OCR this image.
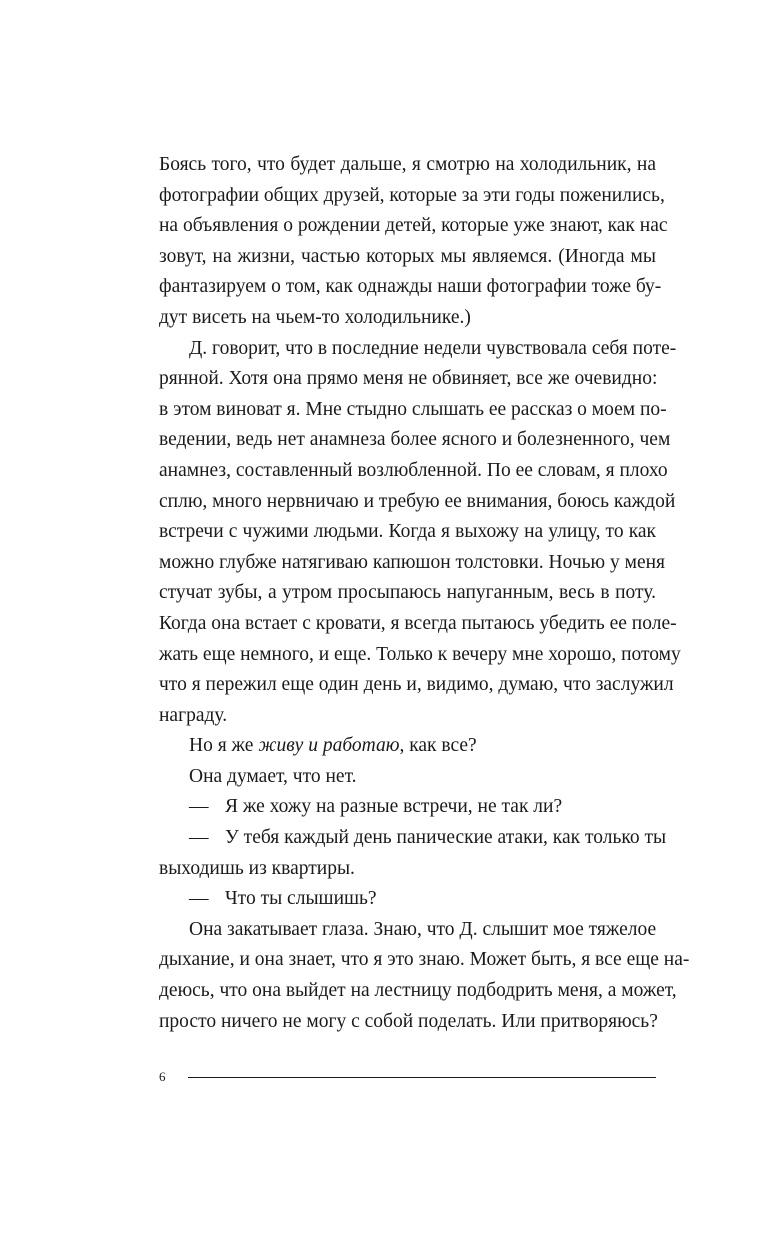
Боясь того, что будет дальше, я смотрю на холодильник, на
фотографии общих друзей, которые за эти годы поженились,
на объявления о рождении детей, которые уже знают, как нас
зовут, на жизни, частью которых мы являемся. (Иногда мы
фантазируем о том, как однажды наши фотографии тоже бу-
дут висеть на чьем-то холодильнике.)
Д. говорит, что в последние недели чувствовала себя поте-
рянной. Хотя она прямо меня не обвиняет, все же очевидно:
в этом виноват я. Мне стыдно слышать ее рассказ о моем по-
ведении, ведь нет анамнеза более ясного и болезненного, чем
анамнез, составленный возлюбленной. По ее словам, я плохо
сплю, много нервничаю и требую ее внимания, боюсь каждой
встречи с чужими людьми. Когда я выхожу на улицу, то как
можно глубже натягиваю капюшон толстовки. Ночью у меня
стучат зубы, а утром просыпаюсь напуганным, весь в поту.
Когда она встает с кровати, я всегда пытаюсь убедить ее поле-
жать еще немного, и еще. Только к вечеру мне хорошо, потому
что я пережил еще один день и, видимо, думаю, что заслужил
награду.
Но я же живу и работаю, как все?
Она думает, что нет.
— Я же хожу на разные встречи, не так ли?
— У тебя каждый день панические атаки, как только ты
выходишь из квартиры.
— Что ты слышишь?
Она закатывает глаза. Знаю, что Д. слышит мое тяжелое
дыхание, и она знает, что я это знаю. Может быть, я все еще на-
деюсь, что она выйдет на лестницу подбодрить меня, а может,
просто ничего не могу с собой поделать. Или притворяюсь?
6
